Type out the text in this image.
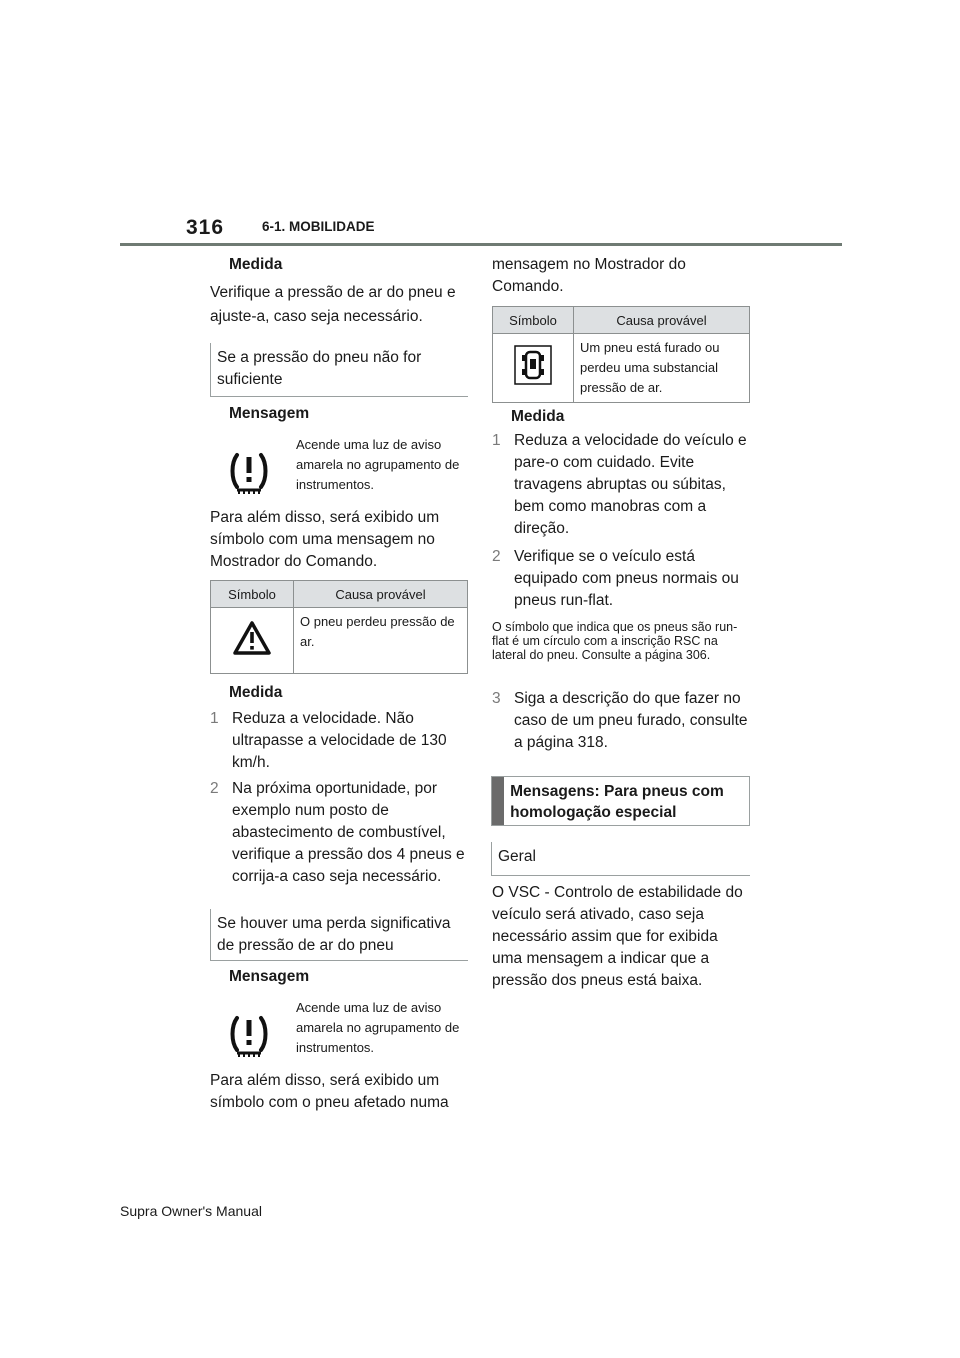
316	6-1. MOBILIDADE
Medida
Verifique a pressão de ar do pneu e ajuste-a, caso seja necessário.
Se a pressão do pneu não for suficiente
Mensagem
Acende uma luz de aviso amarela no agrupamento de instrumentos.
Para além disso, será exibido um símbolo com uma mensagem no Mostrador do Comando.
Símbolo	Causa provável
	O pneu perdeu pressão de ar.
Medida
1 Reduza a velocidade. Não ultrapasse a velocidade de 130 km/h.
2 Na próxima oportunidade, por exemplo num posto de abastecimento de combustível, verifique a pressão dos 4 pneus e corrija-a caso seja necessário.
Se houver uma perda significativa de pressão de ar do pneu
Mensagem
Acende uma luz de aviso amarela no agrupamento de instrumentos.
Para além disso, será exibido um símbolo com o pneu afetado numa
mensagem no Mostrador do Comando.
Símbolo	Causa provável
	Um pneu está furado ou perdeu uma substancial pressão de ar.
Medida
1 Reduza a velocidade do veículo e pare-o com cuidado. Evite travagens abruptas ou súbitas, bem como manobras com a direção.
2 Verifique se o veículo está equipado com pneus normais ou pneus run-flat.
O símbolo que indica que os pneus são run-flat é um círculo com a inscrição RSC na lateral do pneu. Consulte a página 306.
3 Siga a descrição do que fazer no caso de um pneu furado, consulte a página 318.
Mensagens: Para pneus com homologação especial
Geral
O VSC - Controlo de estabilidade do veículo será ativado, caso seja necessário assim que for exibida uma mensagem a indicar que a pressão dos pneus está baixa.
Supra Owner's Manual
